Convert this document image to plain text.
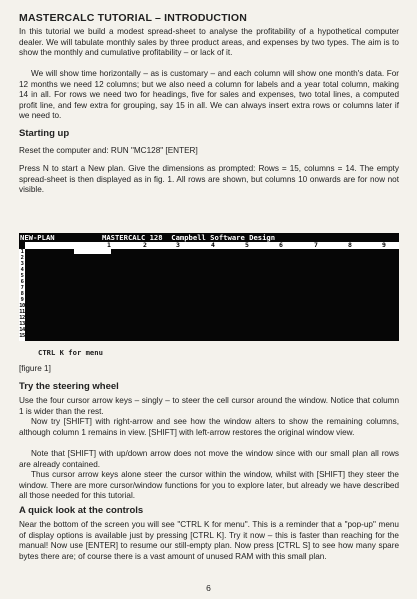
MASTERCALC TUTORIAL – INTRODUCTION

In this tutorial we build a modest spread-sheet to analyse the profitability of a hypothetical computer dealer. We will tabulate monthly sales by three product areas, and expenses by two types. The aim is to show the monthly and cumulative profitability – or lack of it.

We will show time horizontally – as is customary – and each column will show one month's data. For 12 months we need 12 columns; but we also need a column for labels and a year total column, making 14 in all. For rows we need two for headings, five for sales and expenses, two total lines, a computed profit line, and few extra for grouping, say 15 in all. We can always insert extra rows or columns later if we need to.

Starting up

Reset the computer and: RUN "MC128" [ENTER]

Press N to start a New plan. Give the dimensions as prompted: Rows = 15, columns = 14. The empty spread-sheet is then displayed as in fig. 1. All rows are shown, but columns 10 onwards are for now not visible.

NEW-PLAN	MASTERCALC 128  Campbell Software Design
1	2	3	4	5	6	7	8	9
1
2
3
4
5
6
7
8
9
10
11
12
13
14
15
CTRL K for menu
[figure 1]
Try the steering wheel

Use the four cursor arrow keys – singly – to steer the cell cursor around the window. Notice that column 1 is wider than the rest.

Now try [SHIFT] with right-arrow and see how the window alters to show the remaining columns, although column 1 remains in view. [SHIFT] with left-arrow restores the original window view.

Note that [SHIFT] with up/down arrow does not move the window since with our small plan all rows are already contained.

Thus cursor arrow keys alone steer the cursor within the window, whilst with [SHIFT] they steer the window. There are more cursor/window functions for you to explore later, but already we have described all those needed for this tutorial.

A quick look at the controls

Near the bottom of the screen you will see "CTRL K for menu". This is a reminder that a "pop-up" menu of display options is available just by pressing [CTRL K]. Try it now – this is faster than reaching for the manual! Now use [ENTER] to resume our still-empty plan. Now press [CTRL S] to see how many spare bytes there are; of course there is a vast amount of unused RAM with this small plan.

6
